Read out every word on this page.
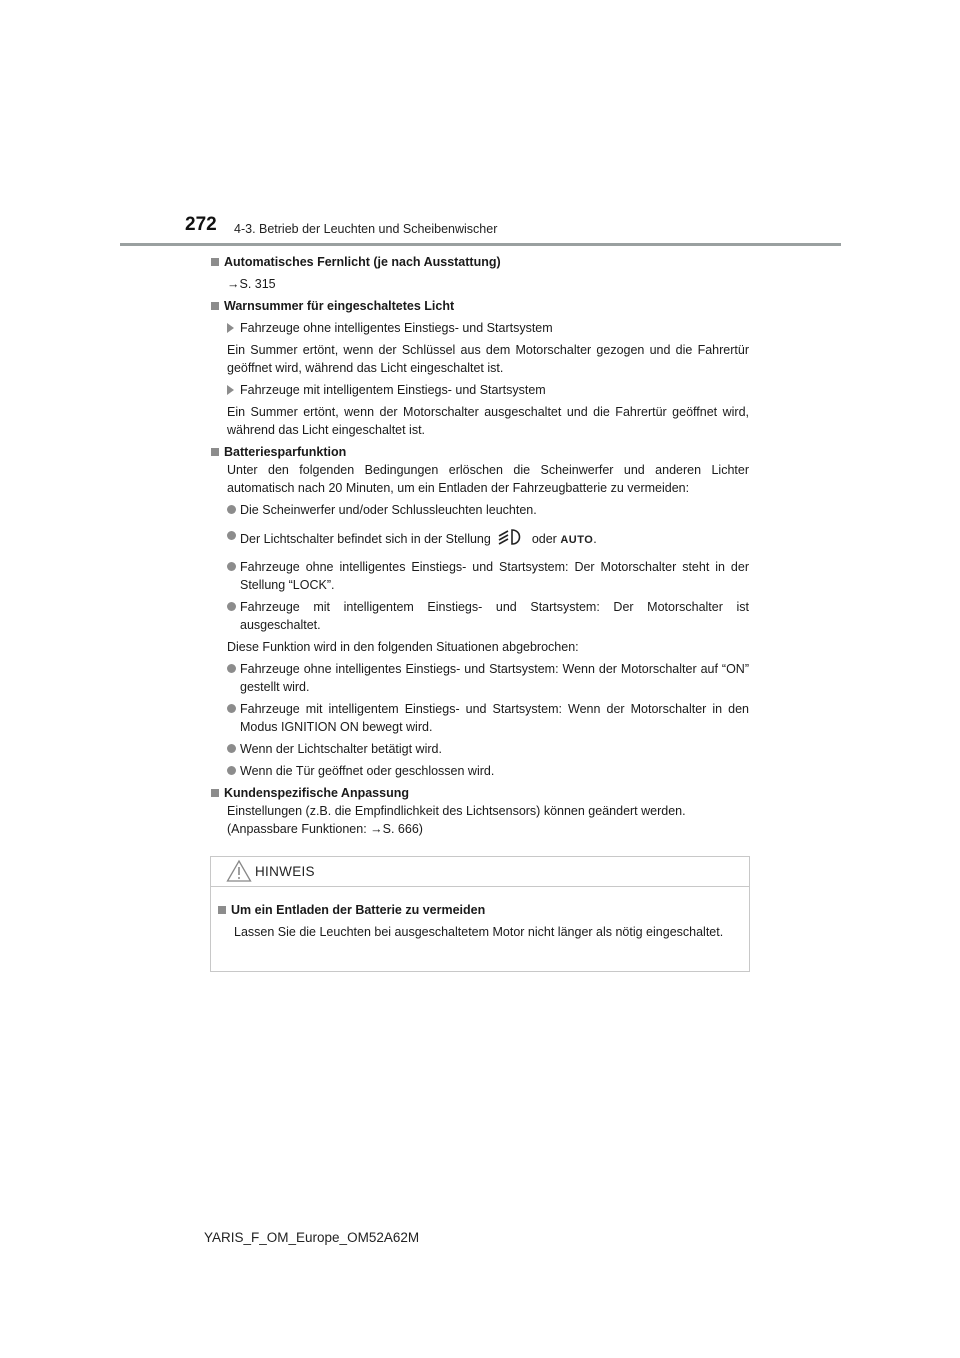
272 4-3. Betrieb der Leuchten und Scheibenwischer

Automatisches Fernlicht (je nach Ausstattung)

→S. 315

Warnsummer für eingeschaltetes Licht

Fahrzeuge ohne intelligentes Einstiegs- und Startsystem

Ein Summer ertönt, wenn der Schlüssel aus dem Motorschalter gezogen und die Fahrertür geöffnet wird, während das Licht eingeschaltet ist.

Fahrzeuge mit intelligentem Einstiegs- und Startsystem

Ein Summer ertönt, wenn der Motorschalter ausgeschaltet und die Fahrertür geöffnet wird, während das Licht eingeschaltet ist.

Batteriesparfunktion

Unter den folgenden Bedingungen erlöschen die Scheinwerfer und anderen Lichter automatisch nach 20 Minuten, um ein Entladen der Fahrzeugbatterie zu vermeiden:

Die Scheinwerfer und/oder Schlussleuchten leuchten.

Der Lichtschalter befindet sich in der Stellung	oder AUTO.

Fahrzeuge ohne intelligentes Einstiegs- und Startsystem: Der Motorschalter steht in der Stellung “LOCK”.

Fahrzeuge mit intelligentem Einstiegs- und Startsystem: Der Motorschalter ist ausgeschaltet.

Diese Funktion wird in den folgenden Situationen abgebrochen:

Fahrzeuge ohne intelligentes Einstiegs- und Startsystem: Wenn der Motorschalter auf “ON” gestellt wird.

Fahrzeuge mit intelligentem Einstiegs- und Startsystem: Wenn der Motorschalter in den Modus IGNITION ON bewegt wird.

Wenn der Lichtschalter betätigt wird.

Wenn die Tür geöffnet oder geschlossen wird.

Kundenspezifische Anpassung

Einstellungen (z.B. die Empfindlichkeit des Lichtsensors) können geändert werden.

(Anpassbare Funktionen: →S. 666)

HINWEIS

Um ein Entladen der Batterie zu vermeiden

Lassen Sie die Leuchten bei ausgeschaltetem Motor nicht länger als nötig eingeschaltet.

YARIS_F_OM_Europe_OM52A62M
